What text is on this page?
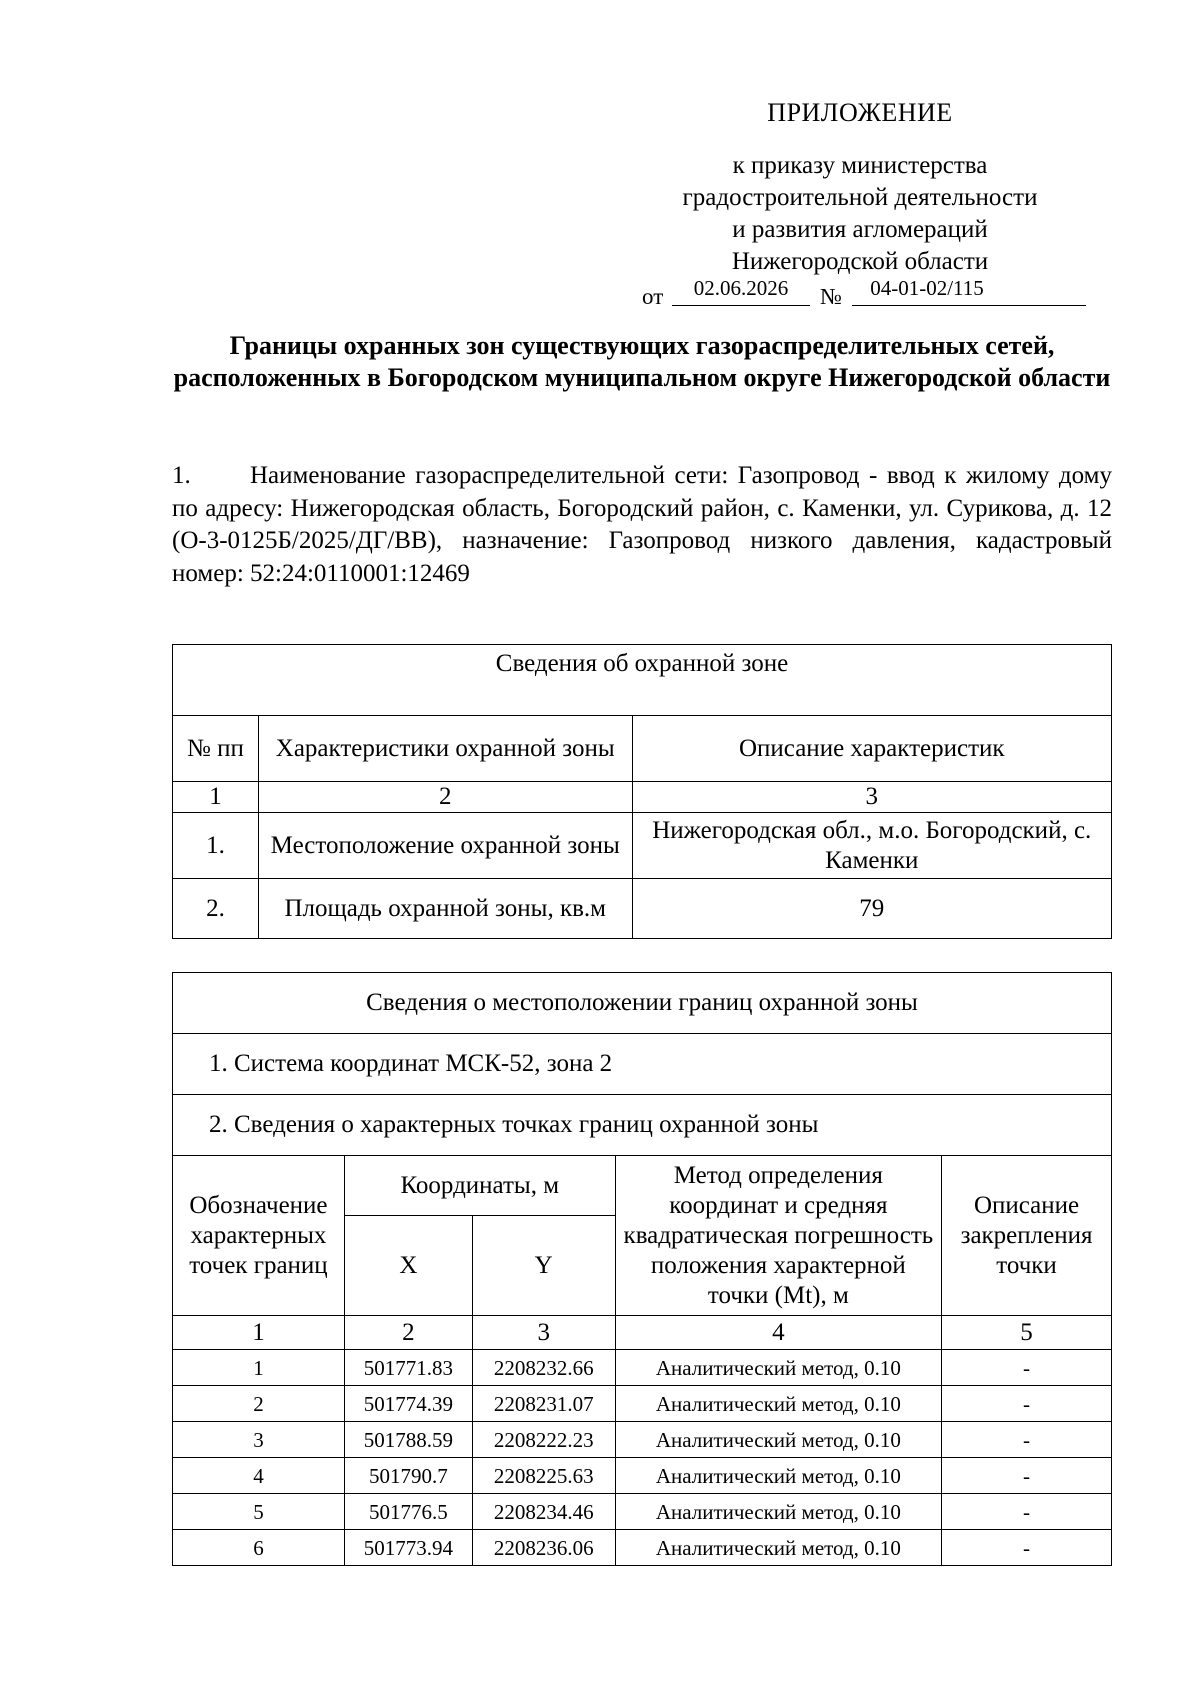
ПРИЛОЖЕНИЕ
к приказу министерства
градостроительной деятельности
и развития агломераций
Нижегородской области
от	02.06.2026	№	04-01-02/115
Границы охранных зон существующих газораспределительных сетей, расположенных в Богородском муниципальном округе Нижегородской области
1. Наименование газораспределительной сети: Газопровод - ввод к жилому дому по адресу: Нижегородская область, Богородский район, с. Каменки, ул. Сурикова, д. 12 (О-3-0125Б/2025/ДГ/ВВ), назначение: Газопровод низкого давления, кадастровый номер: 52:24:0110001:12469
Сведения об охранной зоне		
№ пп	Характеристики охранной зоны	Описание характеристик
1	2	3
1.	Местоположение охранной зоны	Нижегородская обл., м.о. Богородский, с. Каменки
2.	Площадь охранной зоны, кв.м	79
Сведения о местоположении границ охранной зоны				
1. Система координат МСК-52, зона 2				
2. Сведения о характерных точках границ охранной зоны				
Обозначение характерных точек границ	Координаты, м		Метод определения координат и средняя квадратическая погрешность положения характерной точки (Mt), м	Описание закрепления точки
	X	Y		
1	2	3	4	5
1	501771.83	2208232.66	Аналитический метод, 0.10	-
2	501774.39	2208231.07	Аналитический метод, 0.10	-
3	501788.59	2208222.23	Аналитический метод, 0.10	-
4	501790.7	2208225.63	Аналитический метод, 0.10	-
5	501776.5	2208234.46	Аналитический метод, 0.10	-
6	501773.94	2208236.06	Аналитический метод, 0.10	-
